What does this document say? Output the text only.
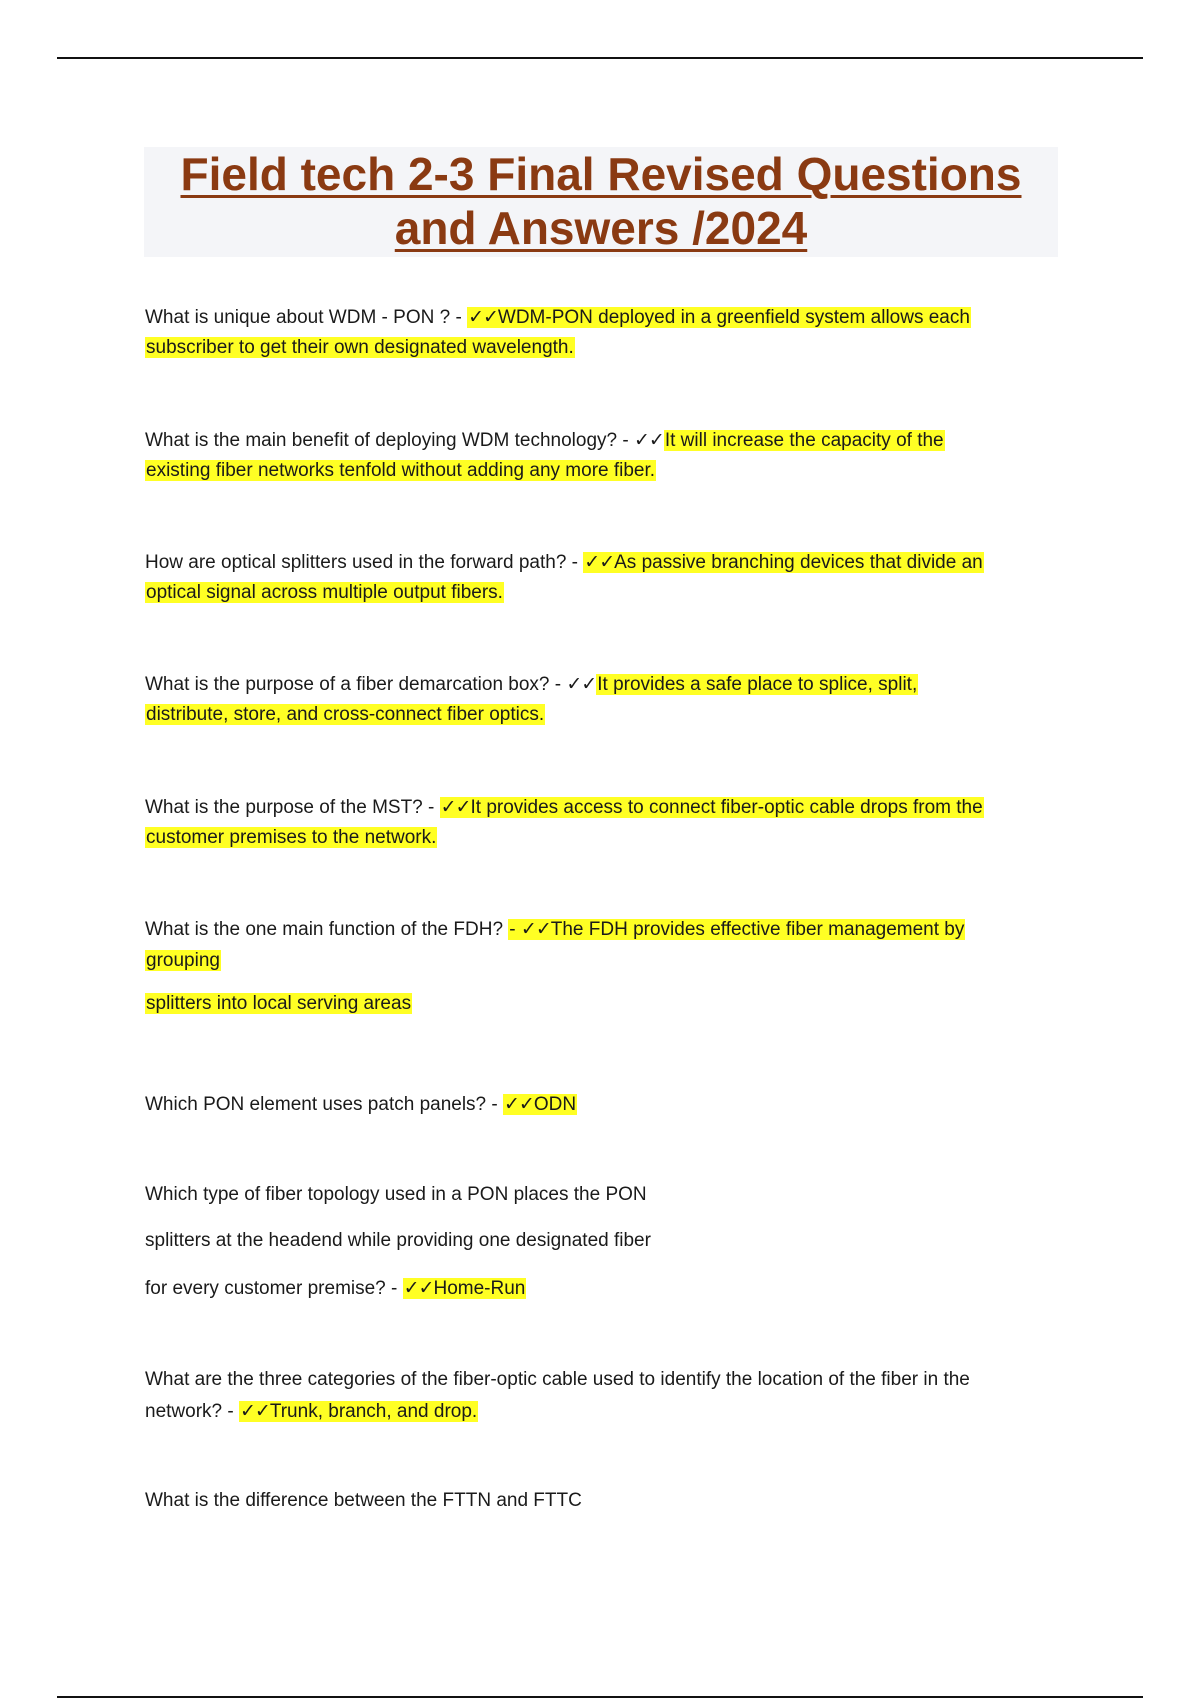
Field tech 2-3 Final Revised Questions
and Answers /2024
What is unique about WDM - PON ? - ✓✓WDM-PON deployed in a greenfield system allows each
subscriber to get their own designated wavelength.
What is the main benefit of deploying WDM technology? - ✓✓It will increase the capacity of the
existing fiber networks tenfold without adding any more fiber.
How are optical splitters used in the forward path? - ✓✓As passive branching devices that divide an
optical signal across multiple output fibers.
What is the purpose of a fiber demarcation box? - ✓✓It provides a safe place to splice, split,
distribute, store, and cross-connect fiber optics.
What is the purpose of the MST? - ✓✓It provides access to connect fiber-optic cable drops from the
customer premises to the network.
What is the one main function of the FDH? - ✓✓The FDH provides effective fiber management by
grouping
splitters into local serving areas
Which PON element uses patch panels? - ✓✓ODN
Which type of fiber topology used in a PON places the PON
splitters at the headend while providing one designated fiber
for every customer premise? - ✓✓Home-Run
What are the three categories of the fiber-optic cable used to identify the location of the fiber in the
network? - ✓✓Trunk, branch, and drop.
What is the difference between the FTTN and FTTC
